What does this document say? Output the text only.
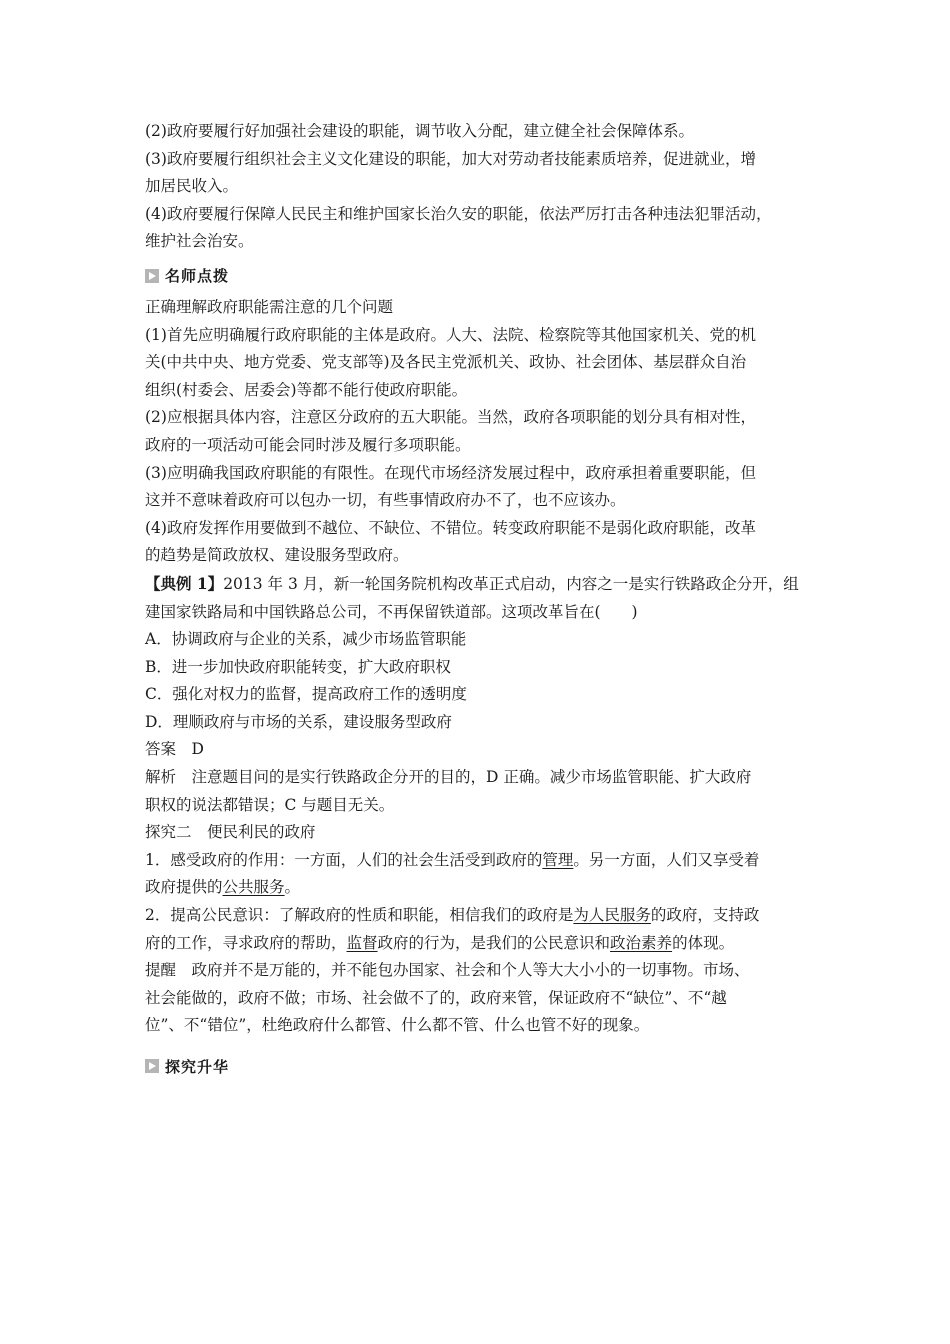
(2)政府要履行好加强社会建设的职能，调节收入分配，建立健全社会保障体系。
(3)政府要履行组织社会主义文化建设的职能，加大对劳动者技能素质培养，促进就业，增
加居民收入。
(4)政府要履行保障人民民主和维护国家长治久安的职能，依法严厉打击各种违法犯罪活动，
维护社会治安。
名师点拨
正确理解政府职能需注意的几个问题
(1)首先应明确履行政府职能的主体是政府。人大、法院、检察院等其他国家机关、党的机
关(中共中央、地方党委、党支部等)及各民主党派机关、政协、社会团体、基层群众自治
组织(村委会、居委会)等都不能行使政府职能。
(2)应根据具体内容，注意区分政府的五大职能。当然，政府各项职能的划分具有相对性，
政府的一项活动可能会同时涉及履行多项职能。
(3)应明确我国政府职能的有限性。在现代市场经济发展过程中，政府承担着重要职能，但
这并不意味着政府可以包办一切，有些事情政府办不了，也不应该办。
(4)政府发挥作用要做到不越位、不缺位、不错位。转变政府职能不是弱化政府职能，改革
的趋势是简政放权、建设服务型政府。
【典例 1】2013 年 3 月，新一轮国务院机构改革正式启动，内容之一是实行铁路政企分开，组
建国家铁路局和中国铁路总公司，不再保留铁道部。这项改革旨在(　　)
A．协调政府与企业的关系，减少市场监管职能
B．进一步加快政府职能转变，扩大政府职权
C．强化对权力的监督，提高政府工作的透明度
D．理顺政府与市场的关系，建设服务型政府
答案　D
解析　注意题目问的是实行铁路政企分开的目的，D 正确。减少市场监管职能、扩大政府
职权的说法都错误；C 与题目无关。
探究二　便民利民的政府
1．感受政府的作用：一方面，人们的社会生活受到政府的管理。另一方面，人们又享受着
政府提供的公共服务。
2．提高公民意识：了解政府的性质和职能，相信我们的政府是为人民服务的政府，支持政
府的工作，寻求政府的帮助，监督政府的行为，是我们的公民意识和政治素养的体现。
提醒　政府并不是万能的，并不能包办国家、社会和个人等大大小小的一切事物。市场、
社会能做的，政府不做；市场、社会做不了的，政府来管，保证政府不“缺位”、不“越
位”、不“错位”，杜绝政府什么都管、什么都不管、什么也管不好的现象。
探究升华
